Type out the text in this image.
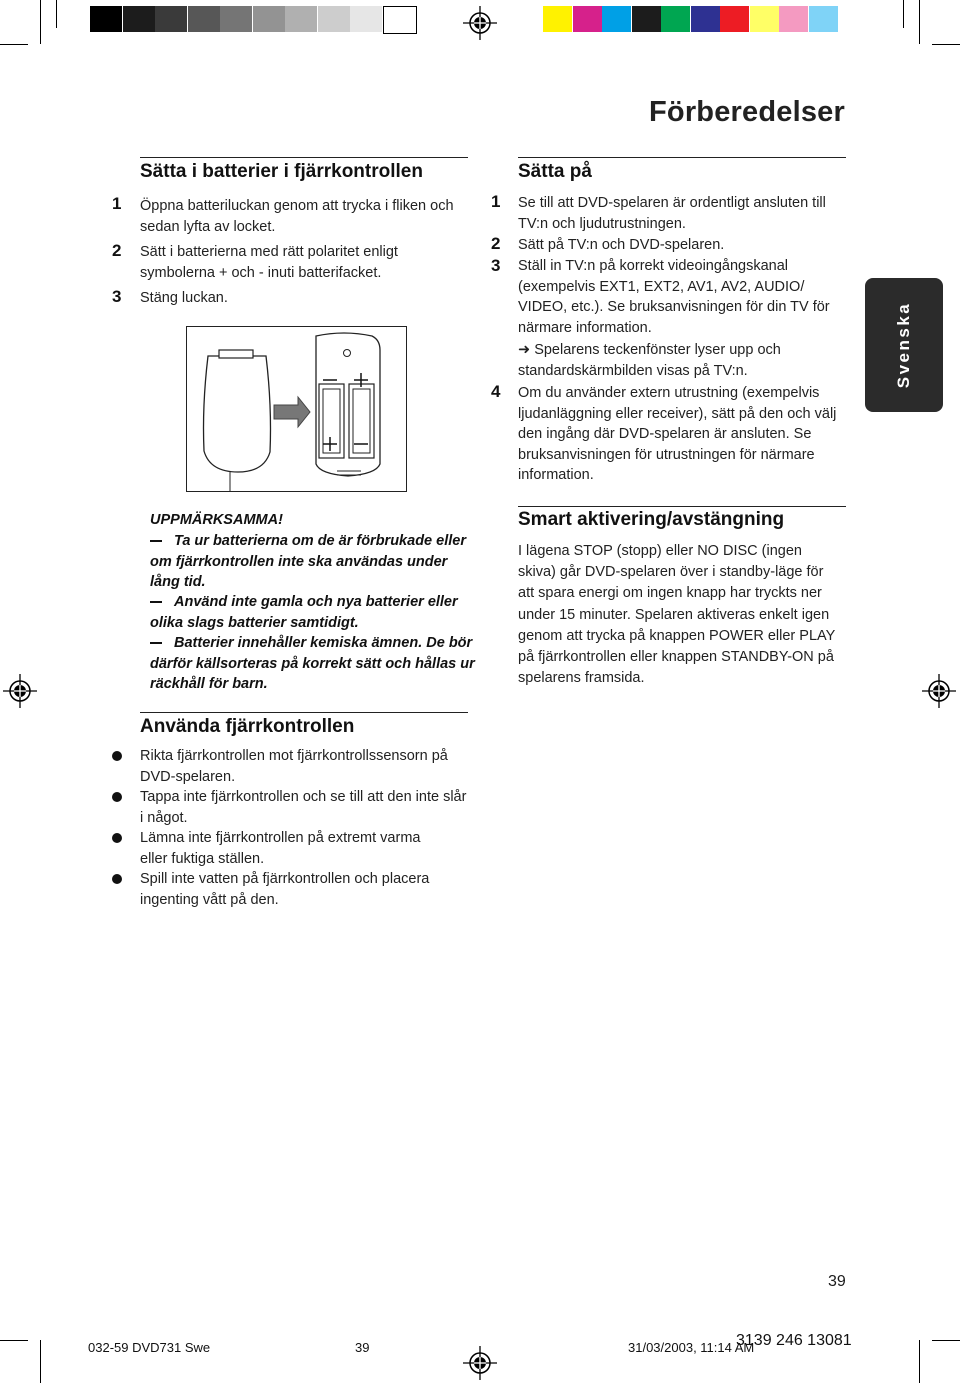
Förberedelser
Svenska
Sätta i batterier i fjärrkontrollen
1 Öppna batteriluckan genom att trycka i fliken och sedan lyfta av locket.
2 Sätt i batterierna med rätt polaritet enligt symbolerna + och - inuti batterifacket.
3 Stäng luckan.
UPPMÄRKSAMMA!
Ta ur batterierna om de är förbrukade eller om fjärrkontrollen inte ska användas under lång tid.
Använd inte gamla och nya batterier eller olika slags batterier samtidigt.
Batterier innehåller kemiska ämnen. De bör därför källsorteras på korrekt sätt och hållas ur räckhåll för barn.
Använda fjärrkontrollen
Rikta fjärrkontrollen mot fjärrkontrollssensorn på DVD-spelaren.
Tappa inte fjärrkontrollen och se till att den inte slår i något.
Lämna inte fjärrkontrollen på extremt varma eller fuktiga ställen.
Spill inte vatten på fjärrkontrollen och placera ingenting vått på den.
Sätta på
1 Se till att DVD-spelaren är ordentligt ansluten till TV:n och ljudutrustningen.
2 Sätt på TV:n och DVD-spelaren.
3 Ställ in TV:n på korrekt videoingångskanal (exempelvis EXT1, EXT2, AV1, AV2, AUDIO/ VIDEO, etc.). Se bruksanvisningen för din TV för närmare information.
➜ Spelarens teckenfönster lyser upp och standardskärmbilden visas på TV:n.
4 Om du använder extern utrustning (exempelvis ljudanläggning eller receiver), sätt på den och välj den ingång där DVD-spelaren är ansluten. Se bruksanvisningen för utrustningen för närmare information.
Smart aktivering/avstängning
I lägena STOP (stopp) eller NO DISC (ingen skiva) går DVD-spelaren över i standby-läge för att spara energi om ingen knapp har tryckts ner under 15 minuter. Spelaren aktiveras enkelt igen genom att trycka på knappen POWER eller PLAY på fjärrkontrollen eller knappen STANDBY-ON på spelarens framsida.
39
032-59 DVD731 Swe	39	31/03/2003, 11:14 AM
3139 246 13081
